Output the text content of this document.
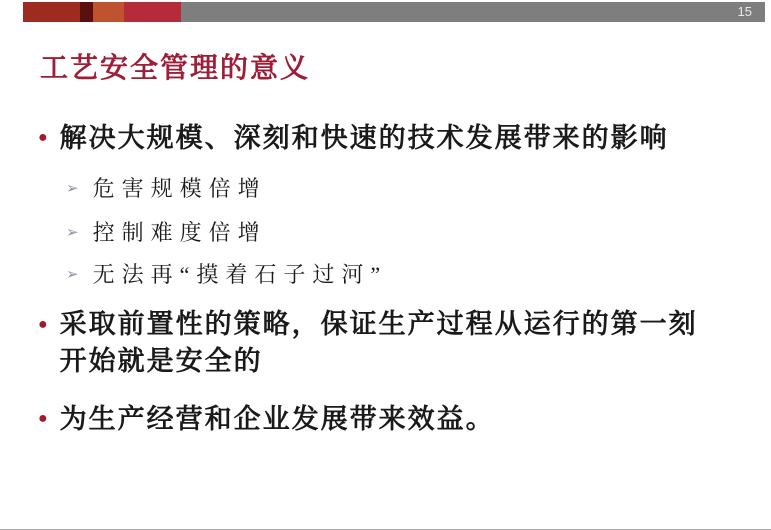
15
工艺安全管理的意义
● 解决大规模、深刻和快速的技术发展带来的影响
➢ 危害规模倍增
➢ 控制难度倍增
➢ 无法再“摸着石子过河”
● 采取前置性的策略，保证生产过程从运行的第一刻开始就是安全的
● 为生产经营和企业发展带来效益。
